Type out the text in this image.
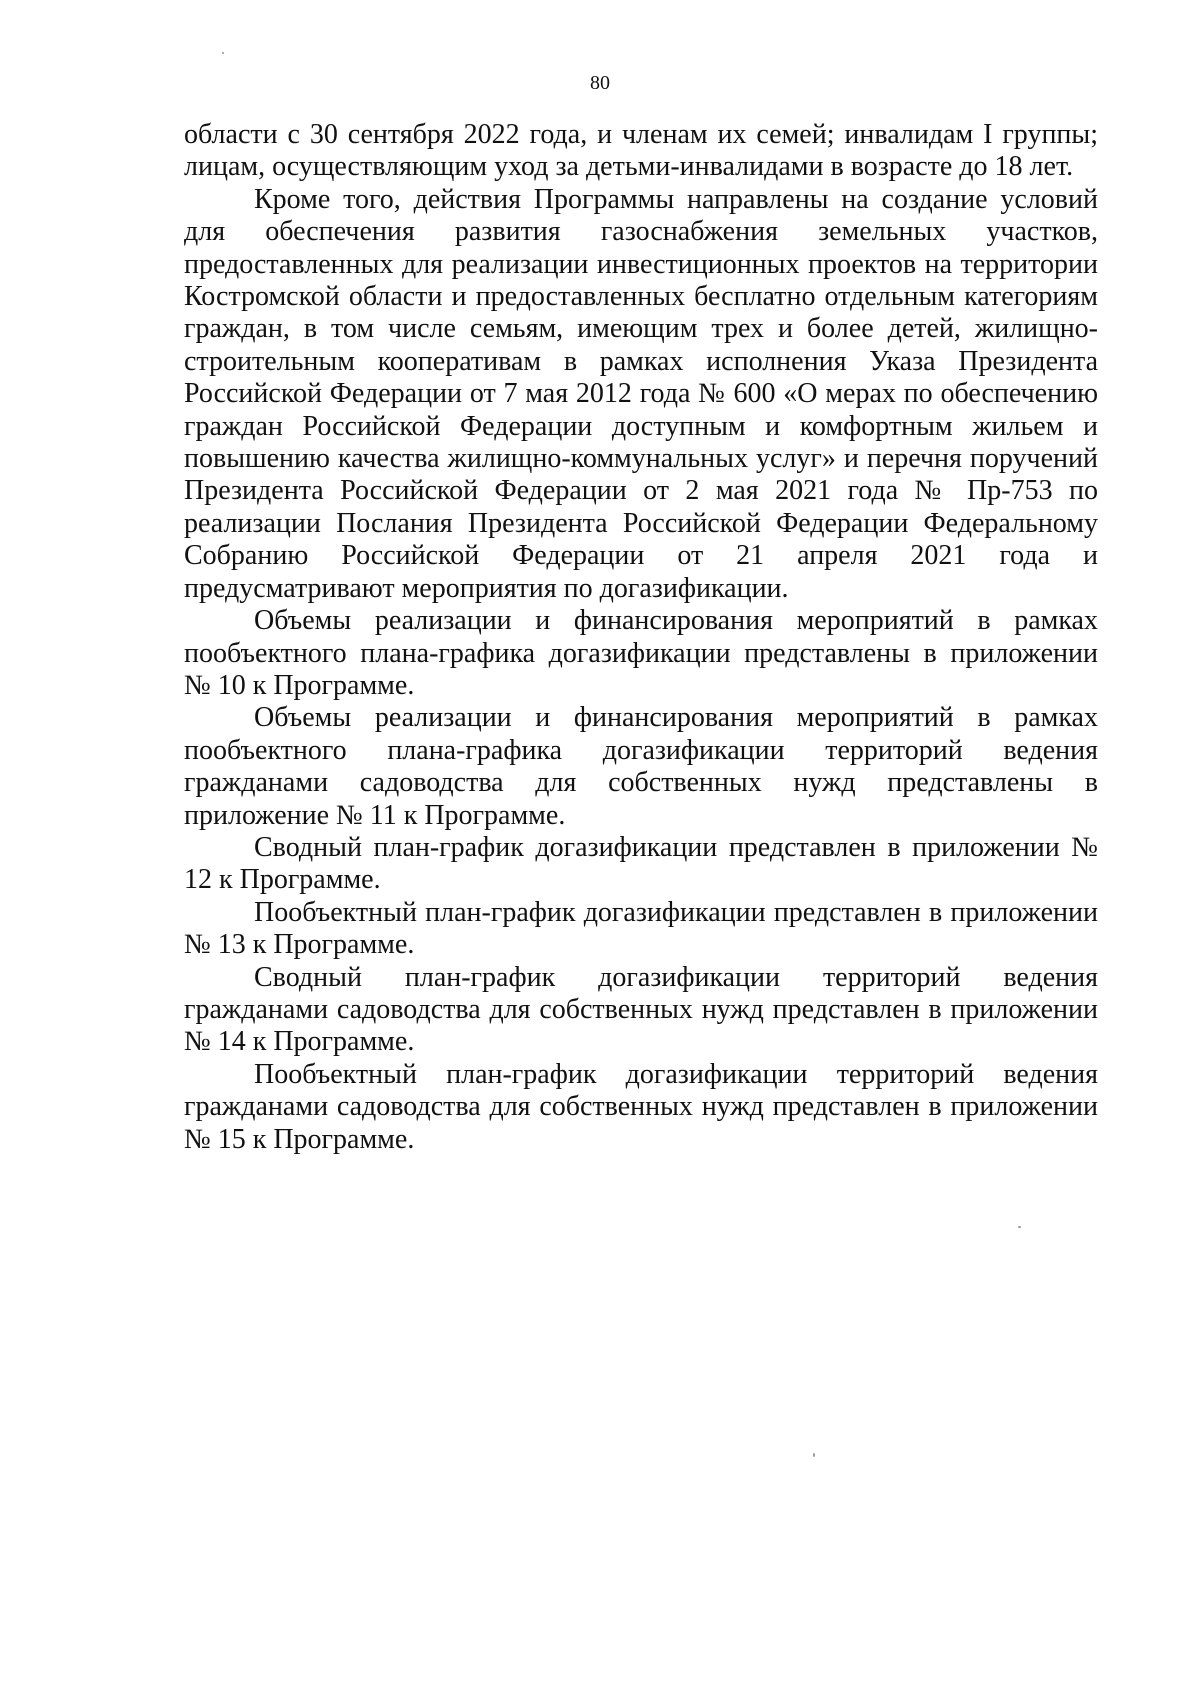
80

области с 30 сентября 2022 года, и членам их семей; инвалидам I группы; лицам, осуществляющим уход за детьми-инвалидами в возрасте до 18 лет.

Кроме того, действия Программы направлены на создание условий для обеспечения развития газоснабжения земельных участков, предоставленных для реализации инвестиционных проектов на территории Костромской области и предоставленных бесплатно отдельным категориям граждан, в том числе семьям, имеющим трех и более детей, жилищно-строительным кооперативам в рамках исполнения Указа Президента Российской Федерации от 7 мая 2012 года № 600 «О мерах по обеспечению граждан Российской Федерации доступным и комфортным жильем и повышению качества жилищно-коммунальных услуг» и перечня поручений Президента Российской Федерации от 2 мая 2021 года № Пр-753 по реализации Послания Президента Российской Федерации Федеральному Собранию Российской Федерации от 21 апреля 2021 года и предусматривают мероприятия по догазификации.

Объемы реализации и финансирования мероприятий в рамках пообъектного плана-графика догазификации представлены в приложении № 10 к Программе.

Объемы реализации и финансирования мероприятий в рамках пообъектного плана-графика догазификации территорий ведения гражданами садоводства для собственных нужд представлены в приложение № 11 к Программе.

Сводный план-график догазификации представлен в приложении № 12 к Программе.

Пообъектный план-график догазификации представлен в приложении № 13 к Программе.

Сводный план-график догазификации территорий ведения гражданами садоводства для собственных нужд представлен в приложении № 14 к Программе.

Пообъектный план-график догазификации территорий ведения гражданами садоводства для собственных нужд представлен в приложении № 15 к Программе.
